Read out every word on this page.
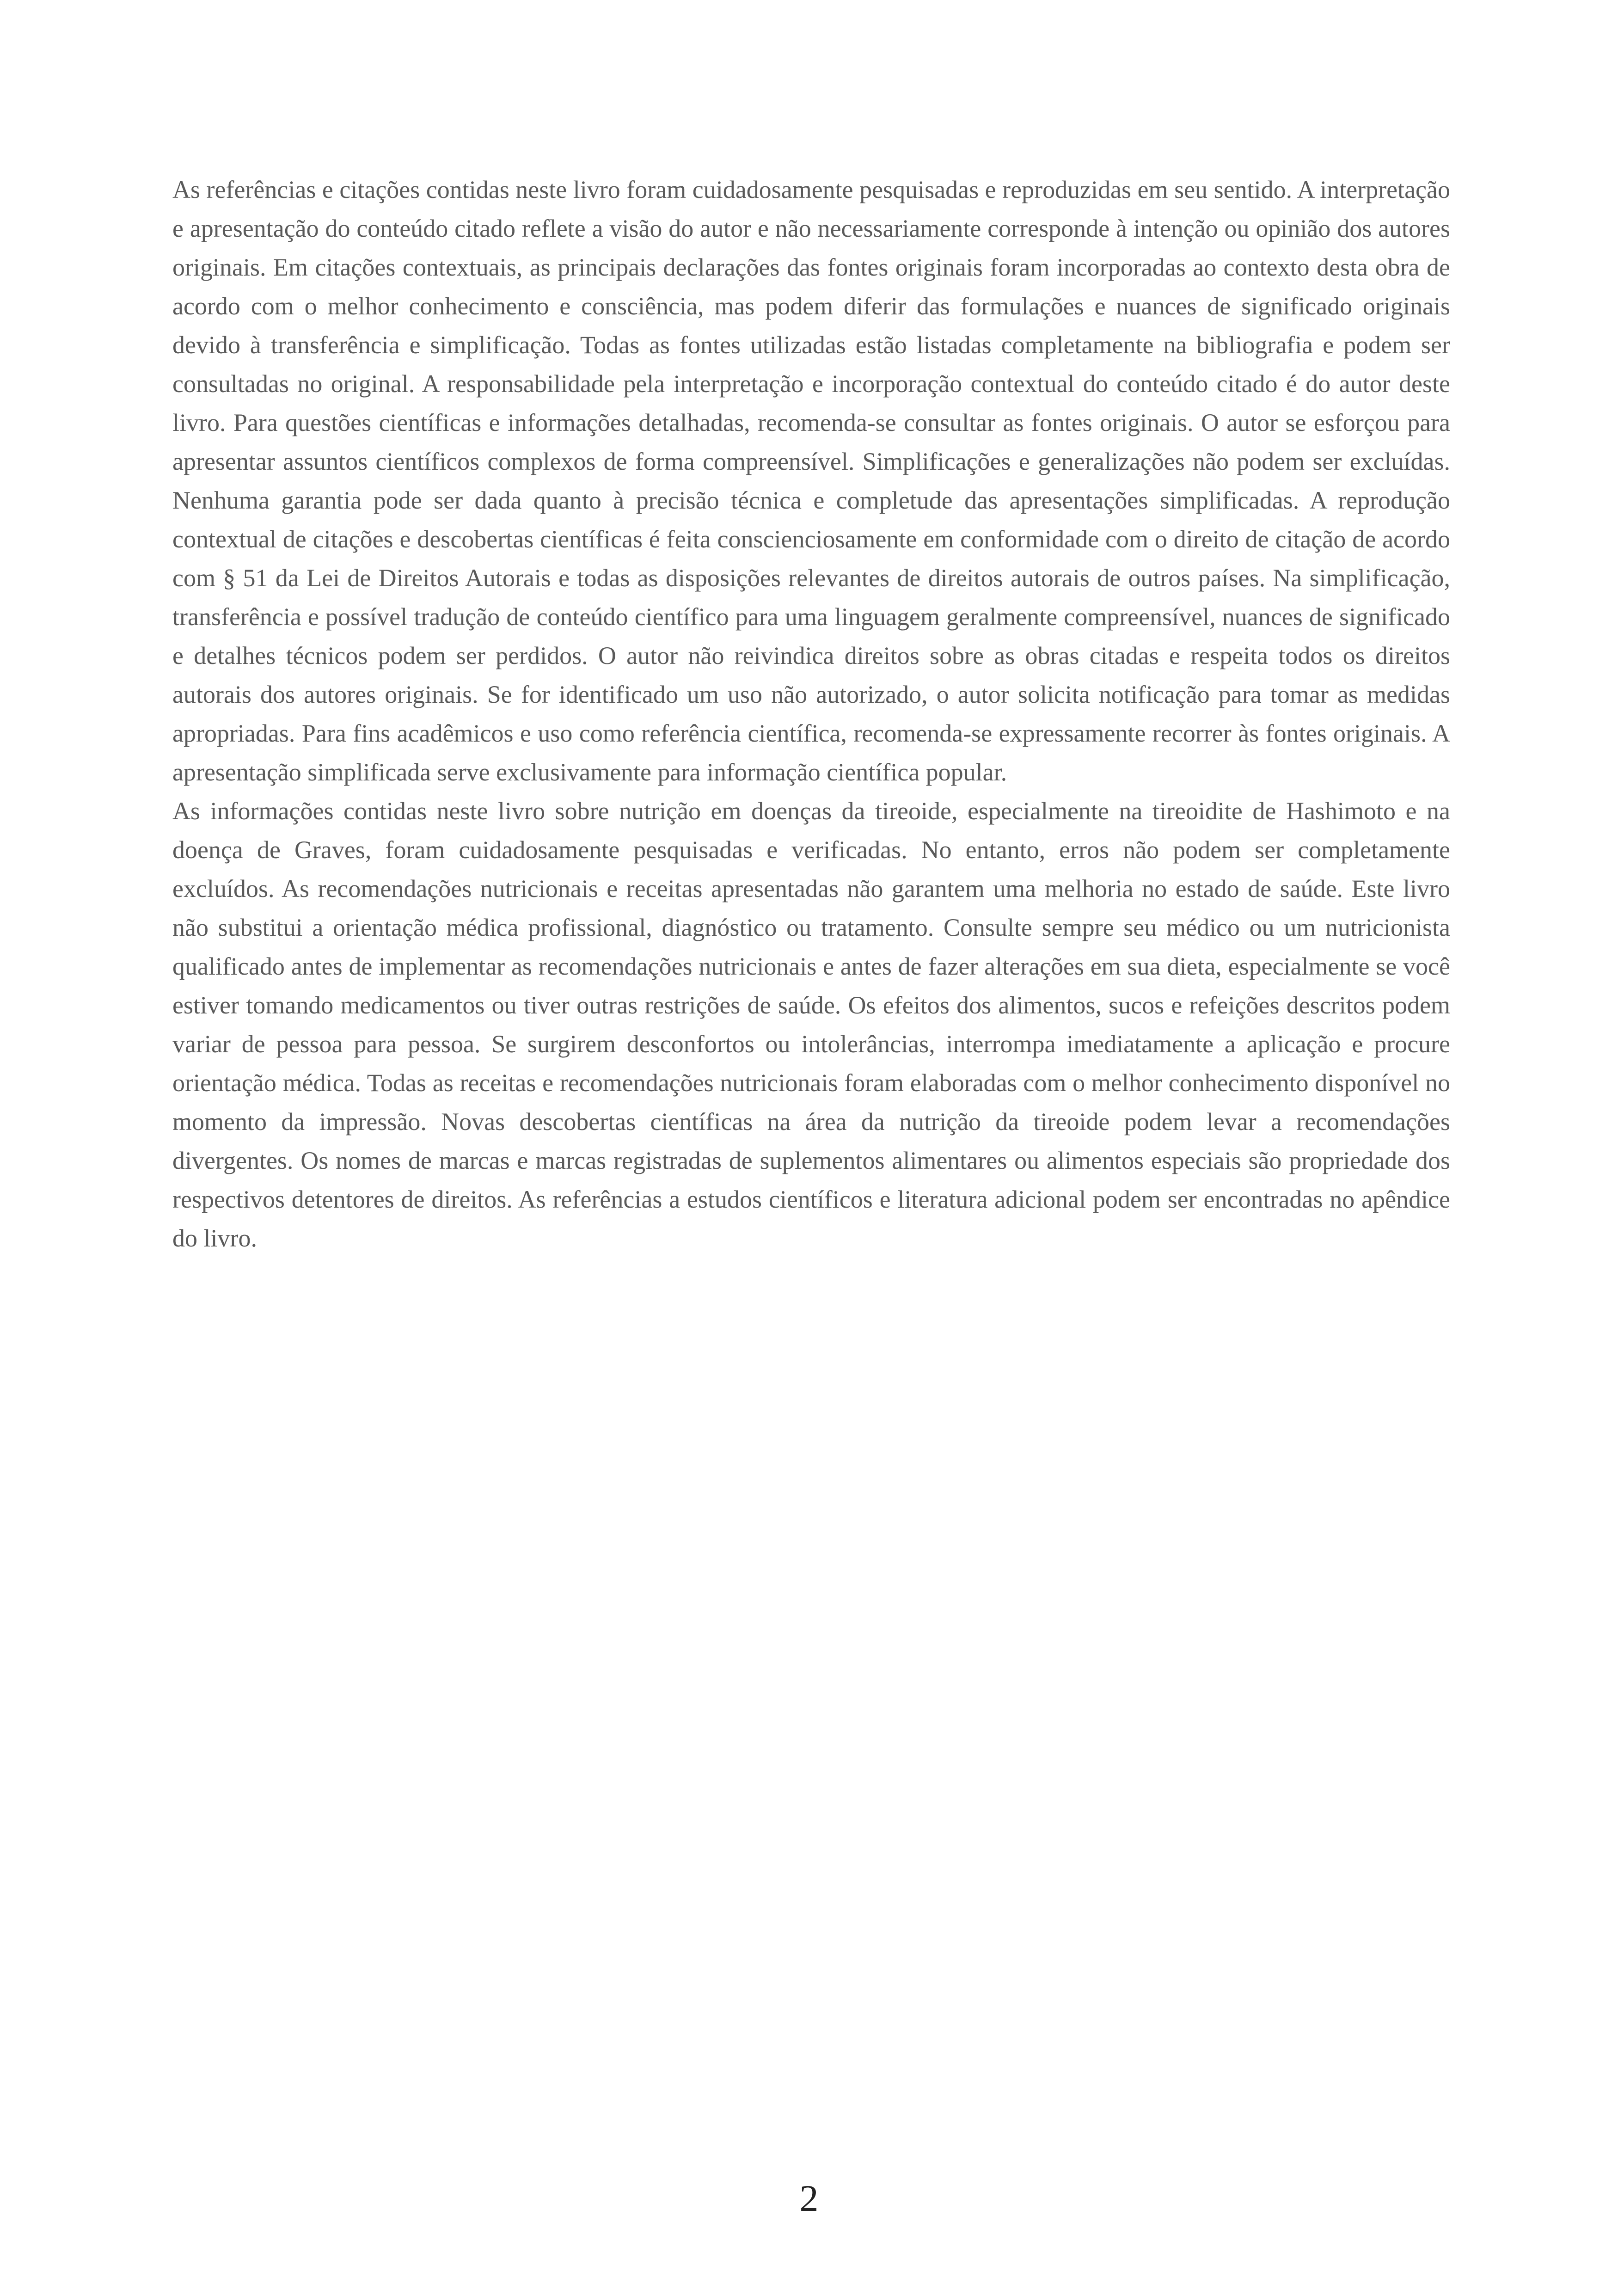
As referências e citações contidas neste livro foram cuidadosamente pesquisadas e reproduzidas em seu sentido. A interpretação e apresentação do conteúdo citado reflete a visão do autor e não necessariamente corresponde à intenção ou opinião dos autores originais. Em citações contextuais, as principais declarações das fontes originais foram incorporadas ao contexto desta obra de acordo com o melhor conhecimento e consciência, mas podem diferir das formulações e nuances de significado originais devido à transferência e simplificação. Todas as fontes utilizadas estão listadas completamente na bibliografia e podem ser consultadas no original. A responsabilidade pela interpretação e incorporação contextual do conteúdo citado é do autor deste livro. Para questões científicas e informações detalhadas, recomenda-se consultar as fontes originais. O autor se esforçou para apresentar assuntos científicos complexos de forma compreensível. Simplificações e generalizações não podem ser excluídas. Nenhuma garantia pode ser dada quanto à precisão técnica e completude das apresentações simplificadas. A reprodução contextual de citações e descobertas científicas é feita conscienciosamente em conformidade com o direito de citação de acordo com § 51 da Lei de Direitos Autorais e todas as disposições relevantes de direitos autorais de outros países. Na simplificação, transferência e possível tradução de conteúdo científico para uma linguagem geralmente compreensível, nuances de significado e detalhes técnicos podem ser perdidos. O autor não reivindica direitos sobre as obras citadas e respeita todos os direitos autorais dos autores originais. Se for identificado um uso não autorizado, o autor solicita notificação para tomar as medidas apropriadas. Para fins acadêmicos e uso como referência científica, recomenda-se expressamente recorrer às fontes originais. A apresentação simplificada serve exclusivamente para informação científica popular.

As informações contidas neste livro sobre nutrição em doenças da tireoide, especialmente na tireoidite de Hashimoto e na doença de Graves, foram cuidadosamente pesquisadas e verificadas. No entanto, erros não podem ser completamente excluídos. As recomendações nutricionais e receitas apresentadas não garantem uma melhoria no estado de saúde. Este livro não substitui a orientação médica profissional, diagnóstico ou tratamento. Consulte sempre seu médico ou um nutricionista qualificado antes de implementar as recomendações nutricionais e antes de fazer alterações em sua dieta, especialmente se você estiver tomando medicamentos ou tiver outras restrições de saúde. Os efeitos dos alimentos, sucos e refeições descritos podem variar de pessoa para pessoa. Se surgirem desconfortos ou intolerâncias, interrompa imediatamente a aplicação e procure orientação médica. Todas as receitas e recomendações nutricionais foram elaboradas com o melhor conhecimento disponível no momento da impressão. Novas descobertas científicas na área da nutrição da tireoide podem levar a recomendações divergentes. Os nomes de marcas e marcas registradas de suplementos alimentares ou alimentos especiais são propriedade dos respectivos detentores de direitos. As referências a estudos científicos e literatura adicional podem ser encontradas no apêndice do livro.

2
